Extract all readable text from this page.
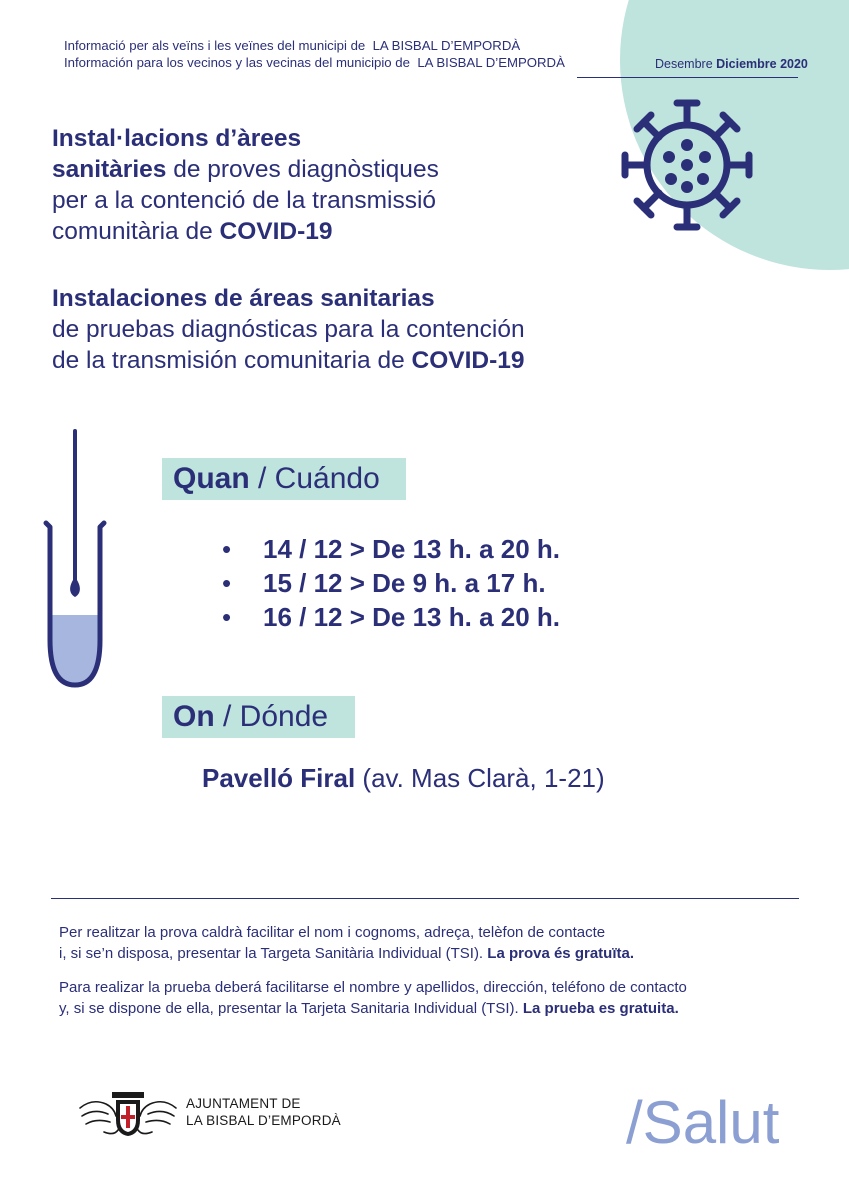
Informació per als veïns i les veïnes del municipi de LA BISBAL D’EMPORDÀ
Información para los vecinos y las vecinas del municipio de LA BISBAL D’EMPORDÀ	Desembre Diciembre 2020
Instal·lacions d’àrees
sanitàries de proves diagnòstiques
per a la contenció de la transmissió
comunitària de COVID-19
Instalaciones de áreas sanitarias
de pruebas diagnósticas para la contención
de la transmisión comunitaria de COVID-19
Quan / Cuándo
• 14 / 12 > De 13 h. a 20 h.
• 15 / 12 > De 9 h. a 17 h.
• 16 / 12 > De 13 h. a 20 h.
On / Dónde
Pavelló Firal (av. Mas Clarà, 1-21)
Per realitzar la prova caldrà facilitar el nom i cognoms, adreça, telèfon de contacte
i, si se’n disposa, presentar la Targeta Sanitària Individual (TSI). La prova és gratuïta.
Para realizar la prueba deberá facilitarse el nombre y apellidos, dirección, teléfono de contacto
y, si se dispone de ella, presentar la Tarjeta Sanitaria Individual (TSI). La prueba es gratuita.
AJUNTAMENT DE
LA BISBAL D’EMPORDÀ	/Salut
